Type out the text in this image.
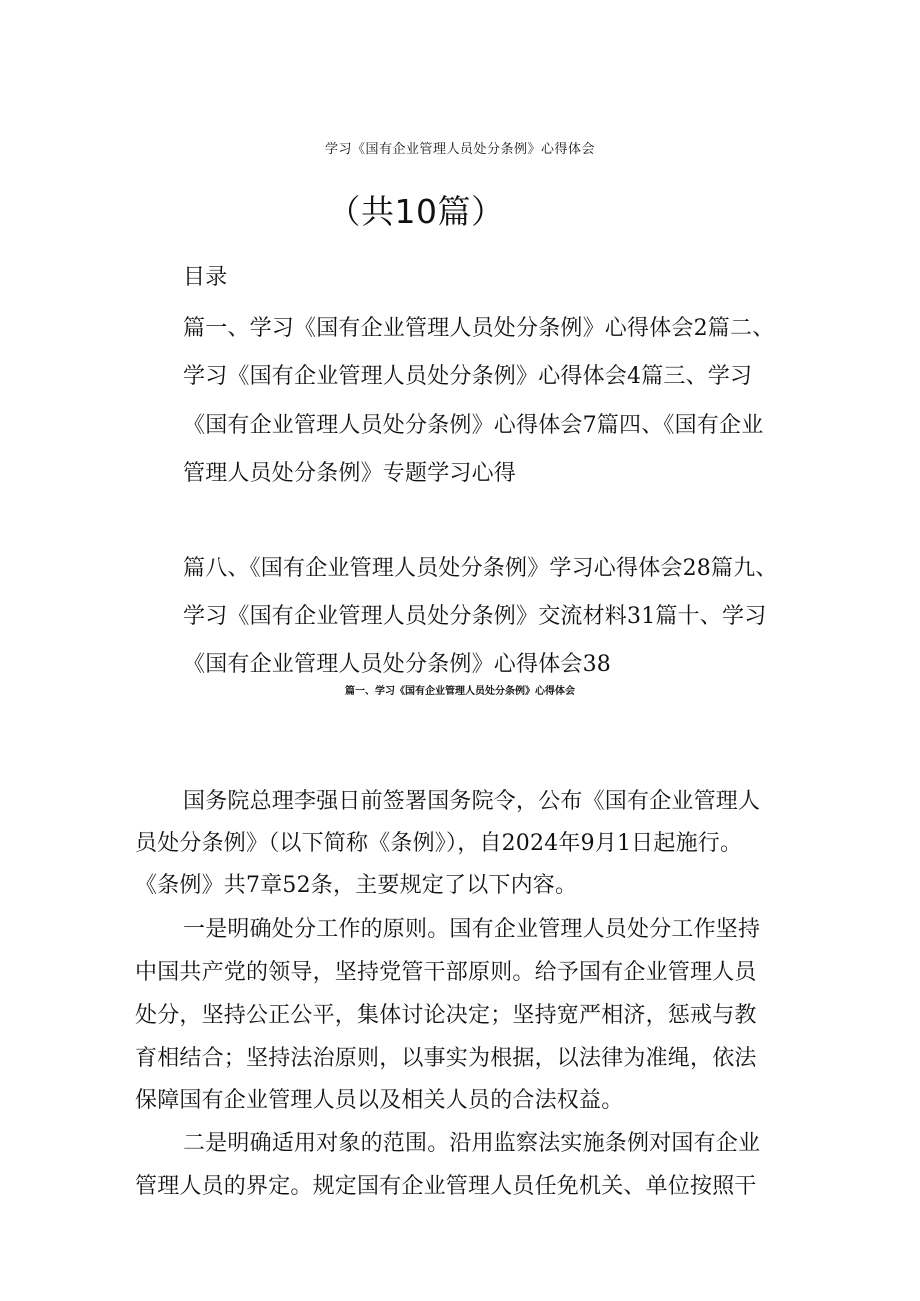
学习《国有企业管理人员处分条例》心得体会
（共10篇）
目录
篇一、学习《国有企业管理人员处分条例》心得体会2篇二、
学习《国有企业管理人员处分条例》心得体会4篇三、学习
《国有企业管理人员处分条例》心得体会7篇四、《国有企业
管理人员处分条例》专题学习心得
篇八、《国有企业管理人员处分条例》学习心得体会28篇九、
学习《国有企业管理人员处分条例》交流材料31篇十、学习
《国有企业管理人员处分条例》心得体会38
篇一、学习《国有企业管理人员处分条例》心得体会
国务院总理李强日前签署国务院令，公布《国有企业管理人
员处分条例》（以下简称《条例》），自2024年9月1日起施行。
《条例》共7章52条，主要规定了以下内容。
一是明确处分工作的原则。国有企业管理人员处分工作坚持
中国共产党的领导，坚持党管干部原则。给予国有企业管理人员
处分，坚持公正公平，集体讨论决定；坚持宽严相济，惩戒与教
育相结合；坚持法治原则，以事实为根据，以法律为准绳，依法
保障国有企业管理人员以及相关人员的合法权益。
二是明确适用对象的范围。沿用监察法实施条例对国有企业
管理人员的界定。规定国有企业管理人员任免机关、单位按照干
